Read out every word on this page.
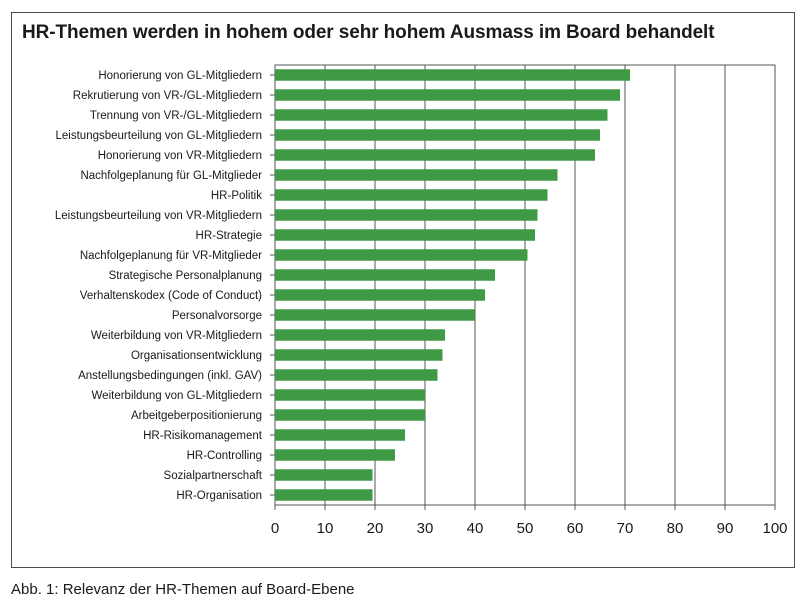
HR-Themen werden in hohem oder sehr hohem Ausmass im Board behandelt
0 10 20 30 40 50 60 70 80 90 100
Honorierung von GL-Mitgliedern
Rekrutierung von VR-/GL-Mitgliedern
Trennung von VR-/GL-Mitgliedern
Leistungsbeurteilung von GL-Mitgliedern
Honorierung von VR-Mitgliedern
Nachfolgeplanung für GL-Mitglieder
HR-Politik
Leistungsbeurteilung von VR-Mitgliedern
HR-Strategie
Nachfolgeplanung für VR-Mitglieder
Strategische Personalplanung
Verhaltenskodex (Code of Conduct)
Personalvorsorge
Weiterbildung von VR-Mitgliedern
Organisationsentwicklung
Anstellungsbedingungen (inkl. GAV)
Weiterbildung von GL-Mitgliedern
Arbeitgeberpositionierung
HR-Risikomanagement
HR-Controlling
Sozialpartnerschaft
HR-Organisation

Abb. 1: Relevanz der HR-Themen auf Board-Ebene
